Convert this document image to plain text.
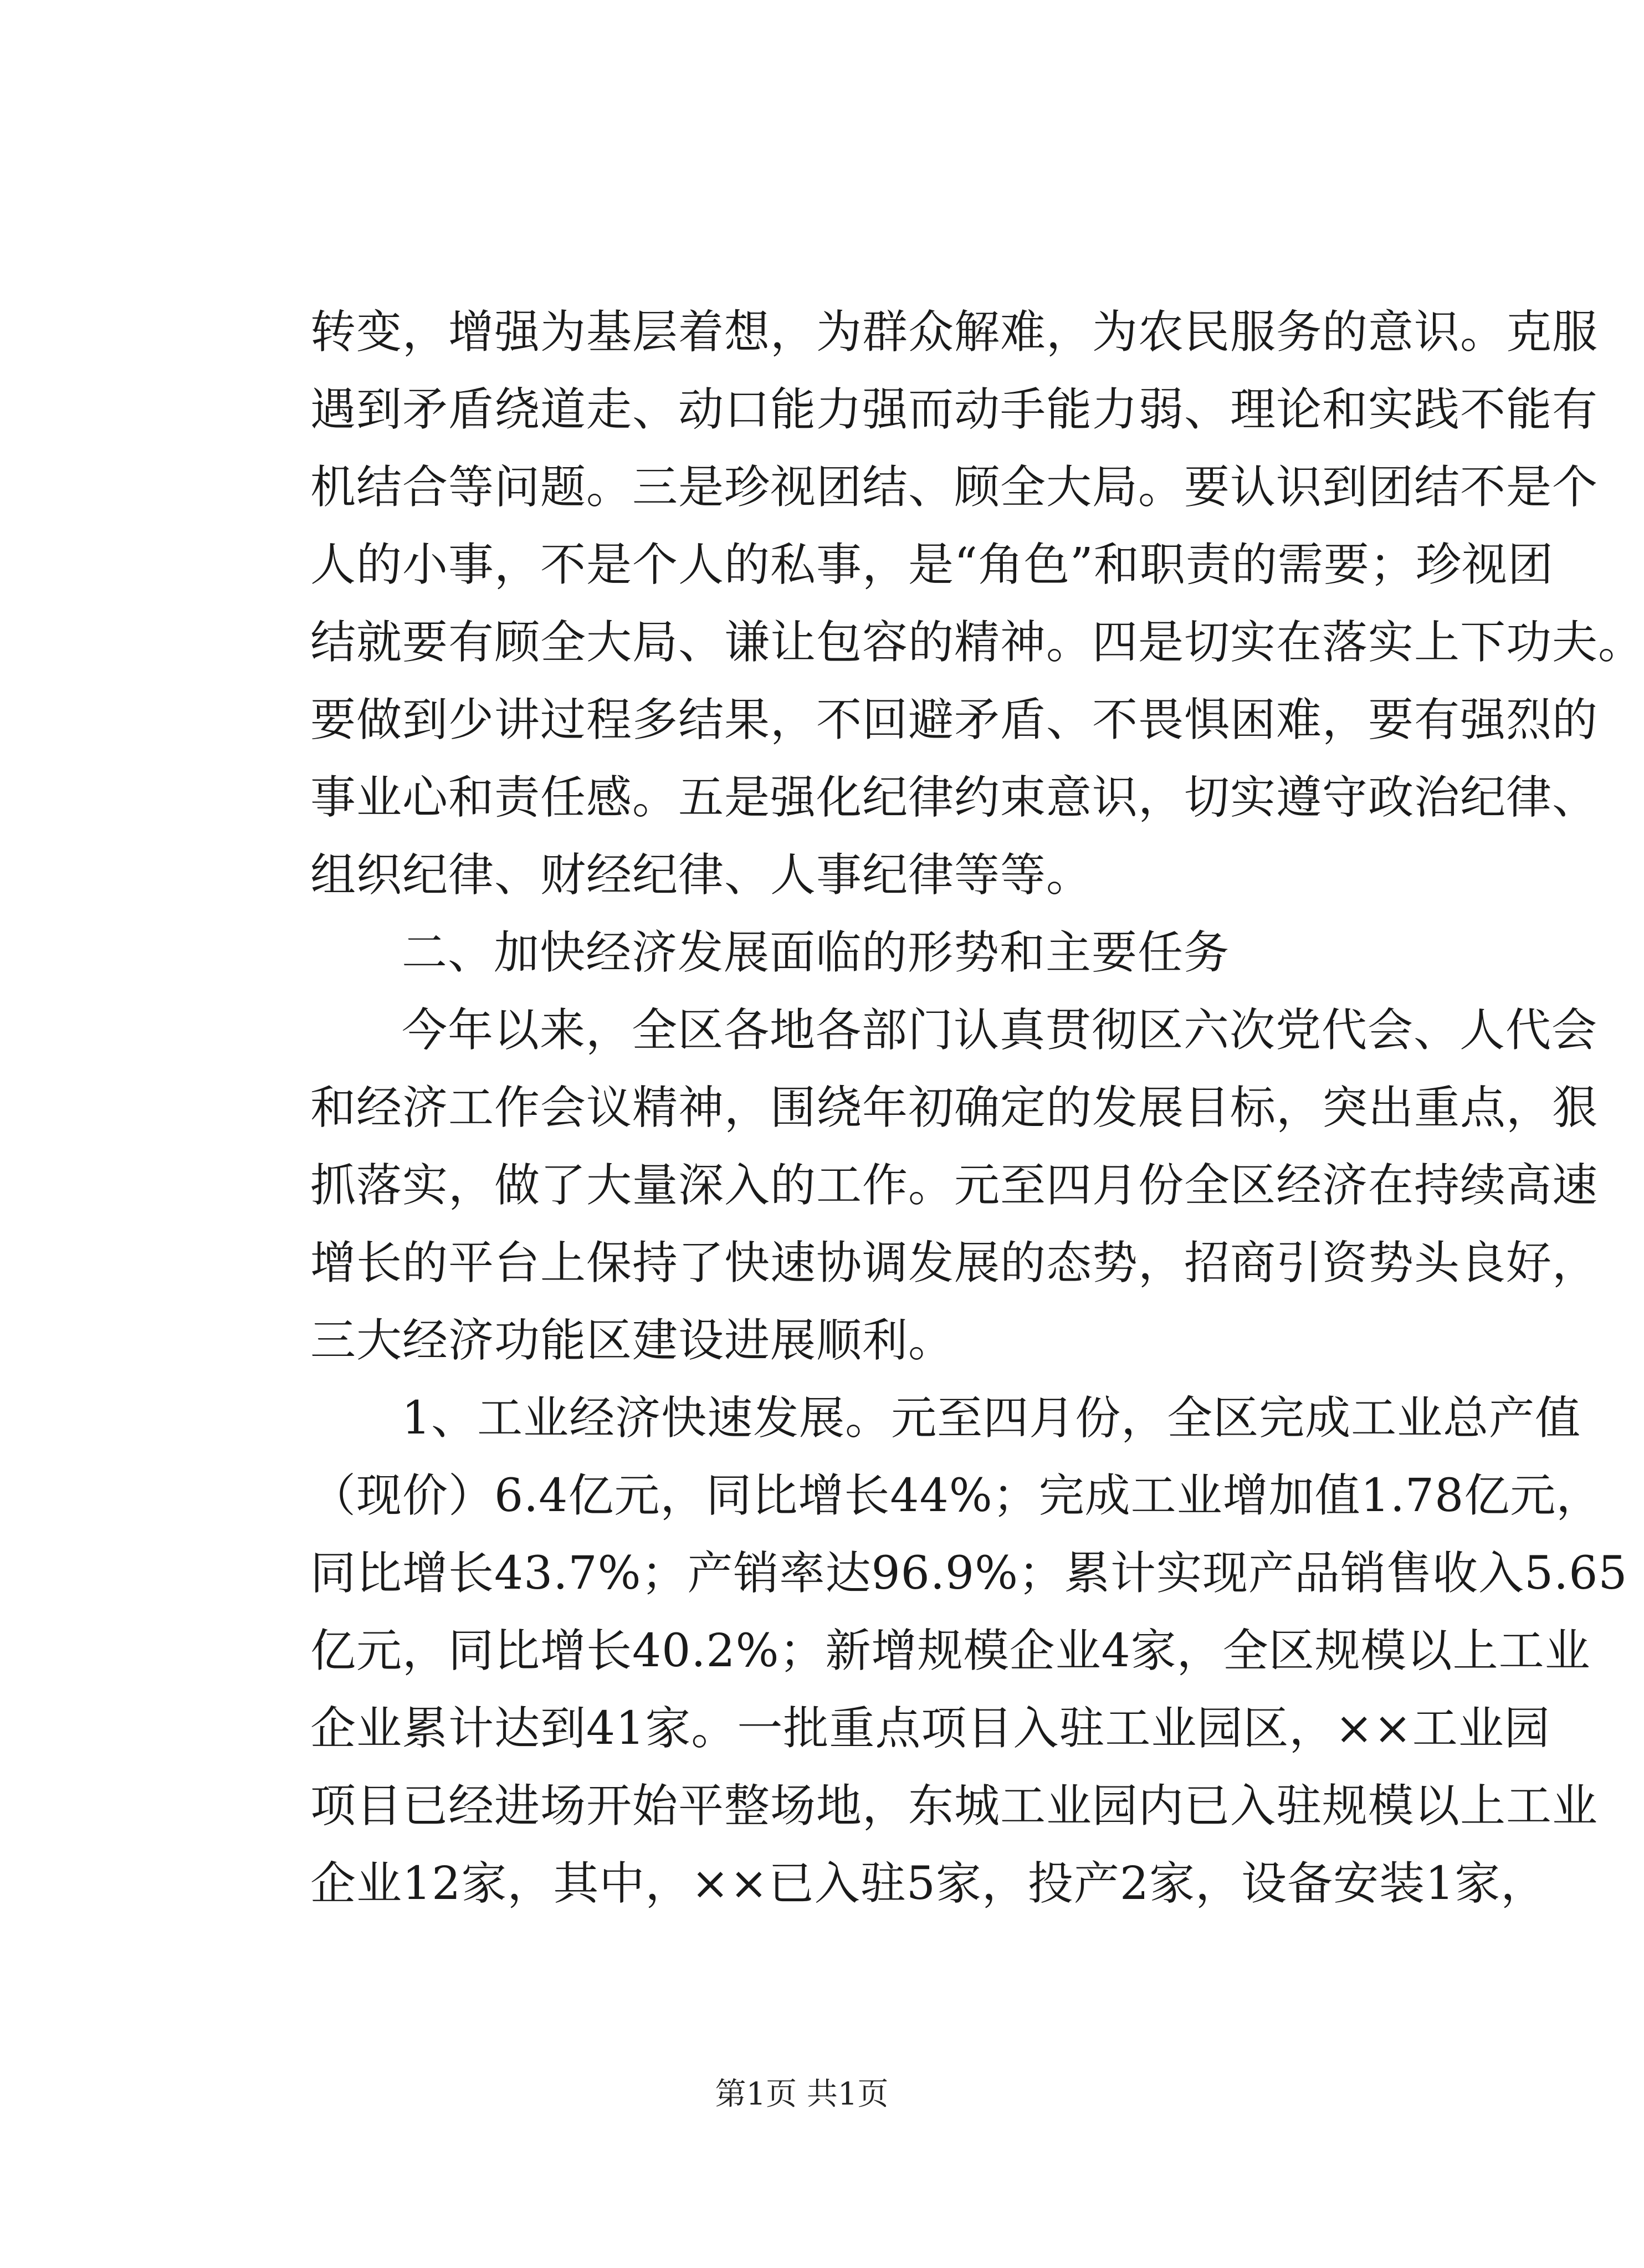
转变，增强为基层着想，为群众解难，为农民服务的意识。克服
遇到矛盾绕道走、动口能力强而动手能力弱、理论和实践不能有
机结合等问题。三是珍视团结、顾全大局。要认识到团结不是个
人的小事，不是个人的私事，是“角色”和职责的需要；珍视团
结就要有顾全大局、谦让包容的精神。四是切实在落实上下功夫。
要做到少讲过程多结果，不回避矛盾、不畏惧困难，要有强烈的
事业心和责任感。五是强化纪律约束意识，切实遵守政治纪律、
组织纪律、财经纪律、人事纪律等等。
二、加快经济发展面临的形势和主要任务
今年以来，全区各地各部门认真贯彻区六次党代会、人代会
和经济工作会议精神，围绕年初确定的发展目标，突出重点，狠
抓落实，做了大量深入的工作。元至四月份全区经济在持续高速
增长的平台上保持了快速协调发展的态势，招商引资势头良好，
三大经济功能区建设进展顺利。
1、工业经济快速发展。元至四月份，全区完成工业总产值
（现价）6.4亿元，同比增长44%；完成工业增加值1.78亿元，
同比增长43.7%；产销率达96.9%；累计实现产品销售收入5.65
亿元，同比增长40.2%；新增规模企业4家，全区规模以上工业
企业累计达到41家。一批重点项目入驻工业园区，××工业园
项目已经进场开始平整场地，东城工业园内已入驻规模以上工业
企业12家，其中，××已入驻5家，投产2家，设备安装1家，
第1页 共1页
